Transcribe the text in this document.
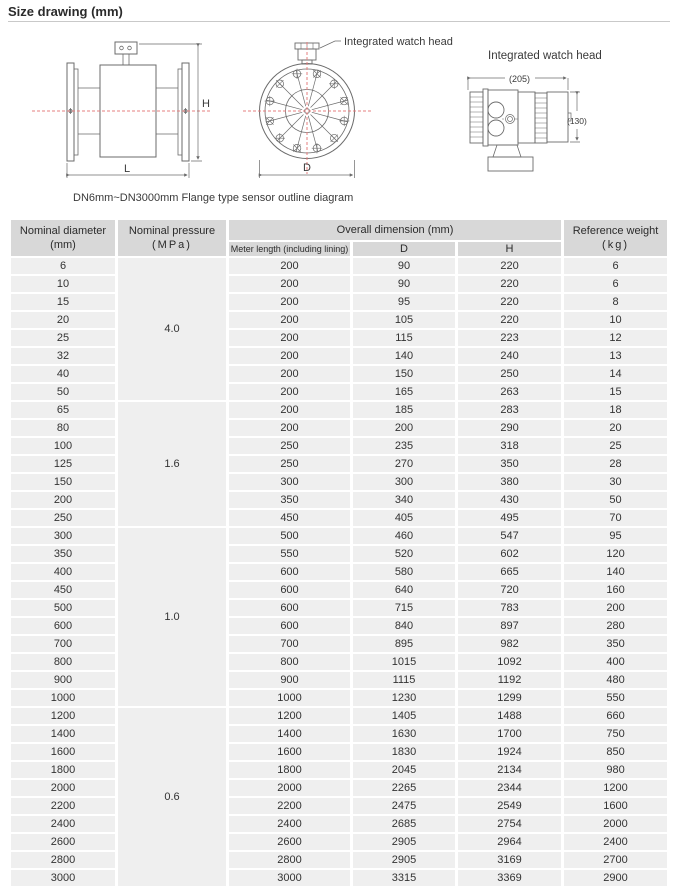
Size drawing (mm)
H
L	D
Integrated watch head
Integrated watch head
(205)
(130)
DN6mm~DN3000mm Flange type sensor outline diagram
Nominal diameter
(mm)	Nominal pressure
(MPa)	Overall dimension (mm)			Reference weight
(kg)
		Meter length (including lining)	D	H	
6	4.0	200	90	220	6
10		200	90	220	6
15		200	95	220	8
20		200	105	220	10
25		200	115	223	12
32		200	140	240	13
40		200	150	250	14
50		200	165	263	15
65	1.6	200	185	283	18
80		200	200	290	20
100		250	235	318	25
125		250	270	350	28
150		300	300	380	30
200		350	340	430	50
250		450	405	495	70
300	1.0	500	460	547	95
350		550	520	602	120
400		600	580	665	140
450		600	640	720	160
500		600	715	783	200
600		600	840	897	280
700		700	895	982	350
800		800	1015	1092	400
900		900	1115	1192	480
1000		1000	1230	1299	550
1200	0.6	1200	1405	1488	660
1400		1400	1630	1700	750
1600		1600	1830	1924	850
1800		1800	2045	2134	980
2000		2000	2265	2344	1200
2200		2200	2475	2549	1600
2400		2400	2685	2754	2000
2600		2600	2905	2964	2400
2800		2800	2905	3169	2700
3000		3000	3315	3369	2900
